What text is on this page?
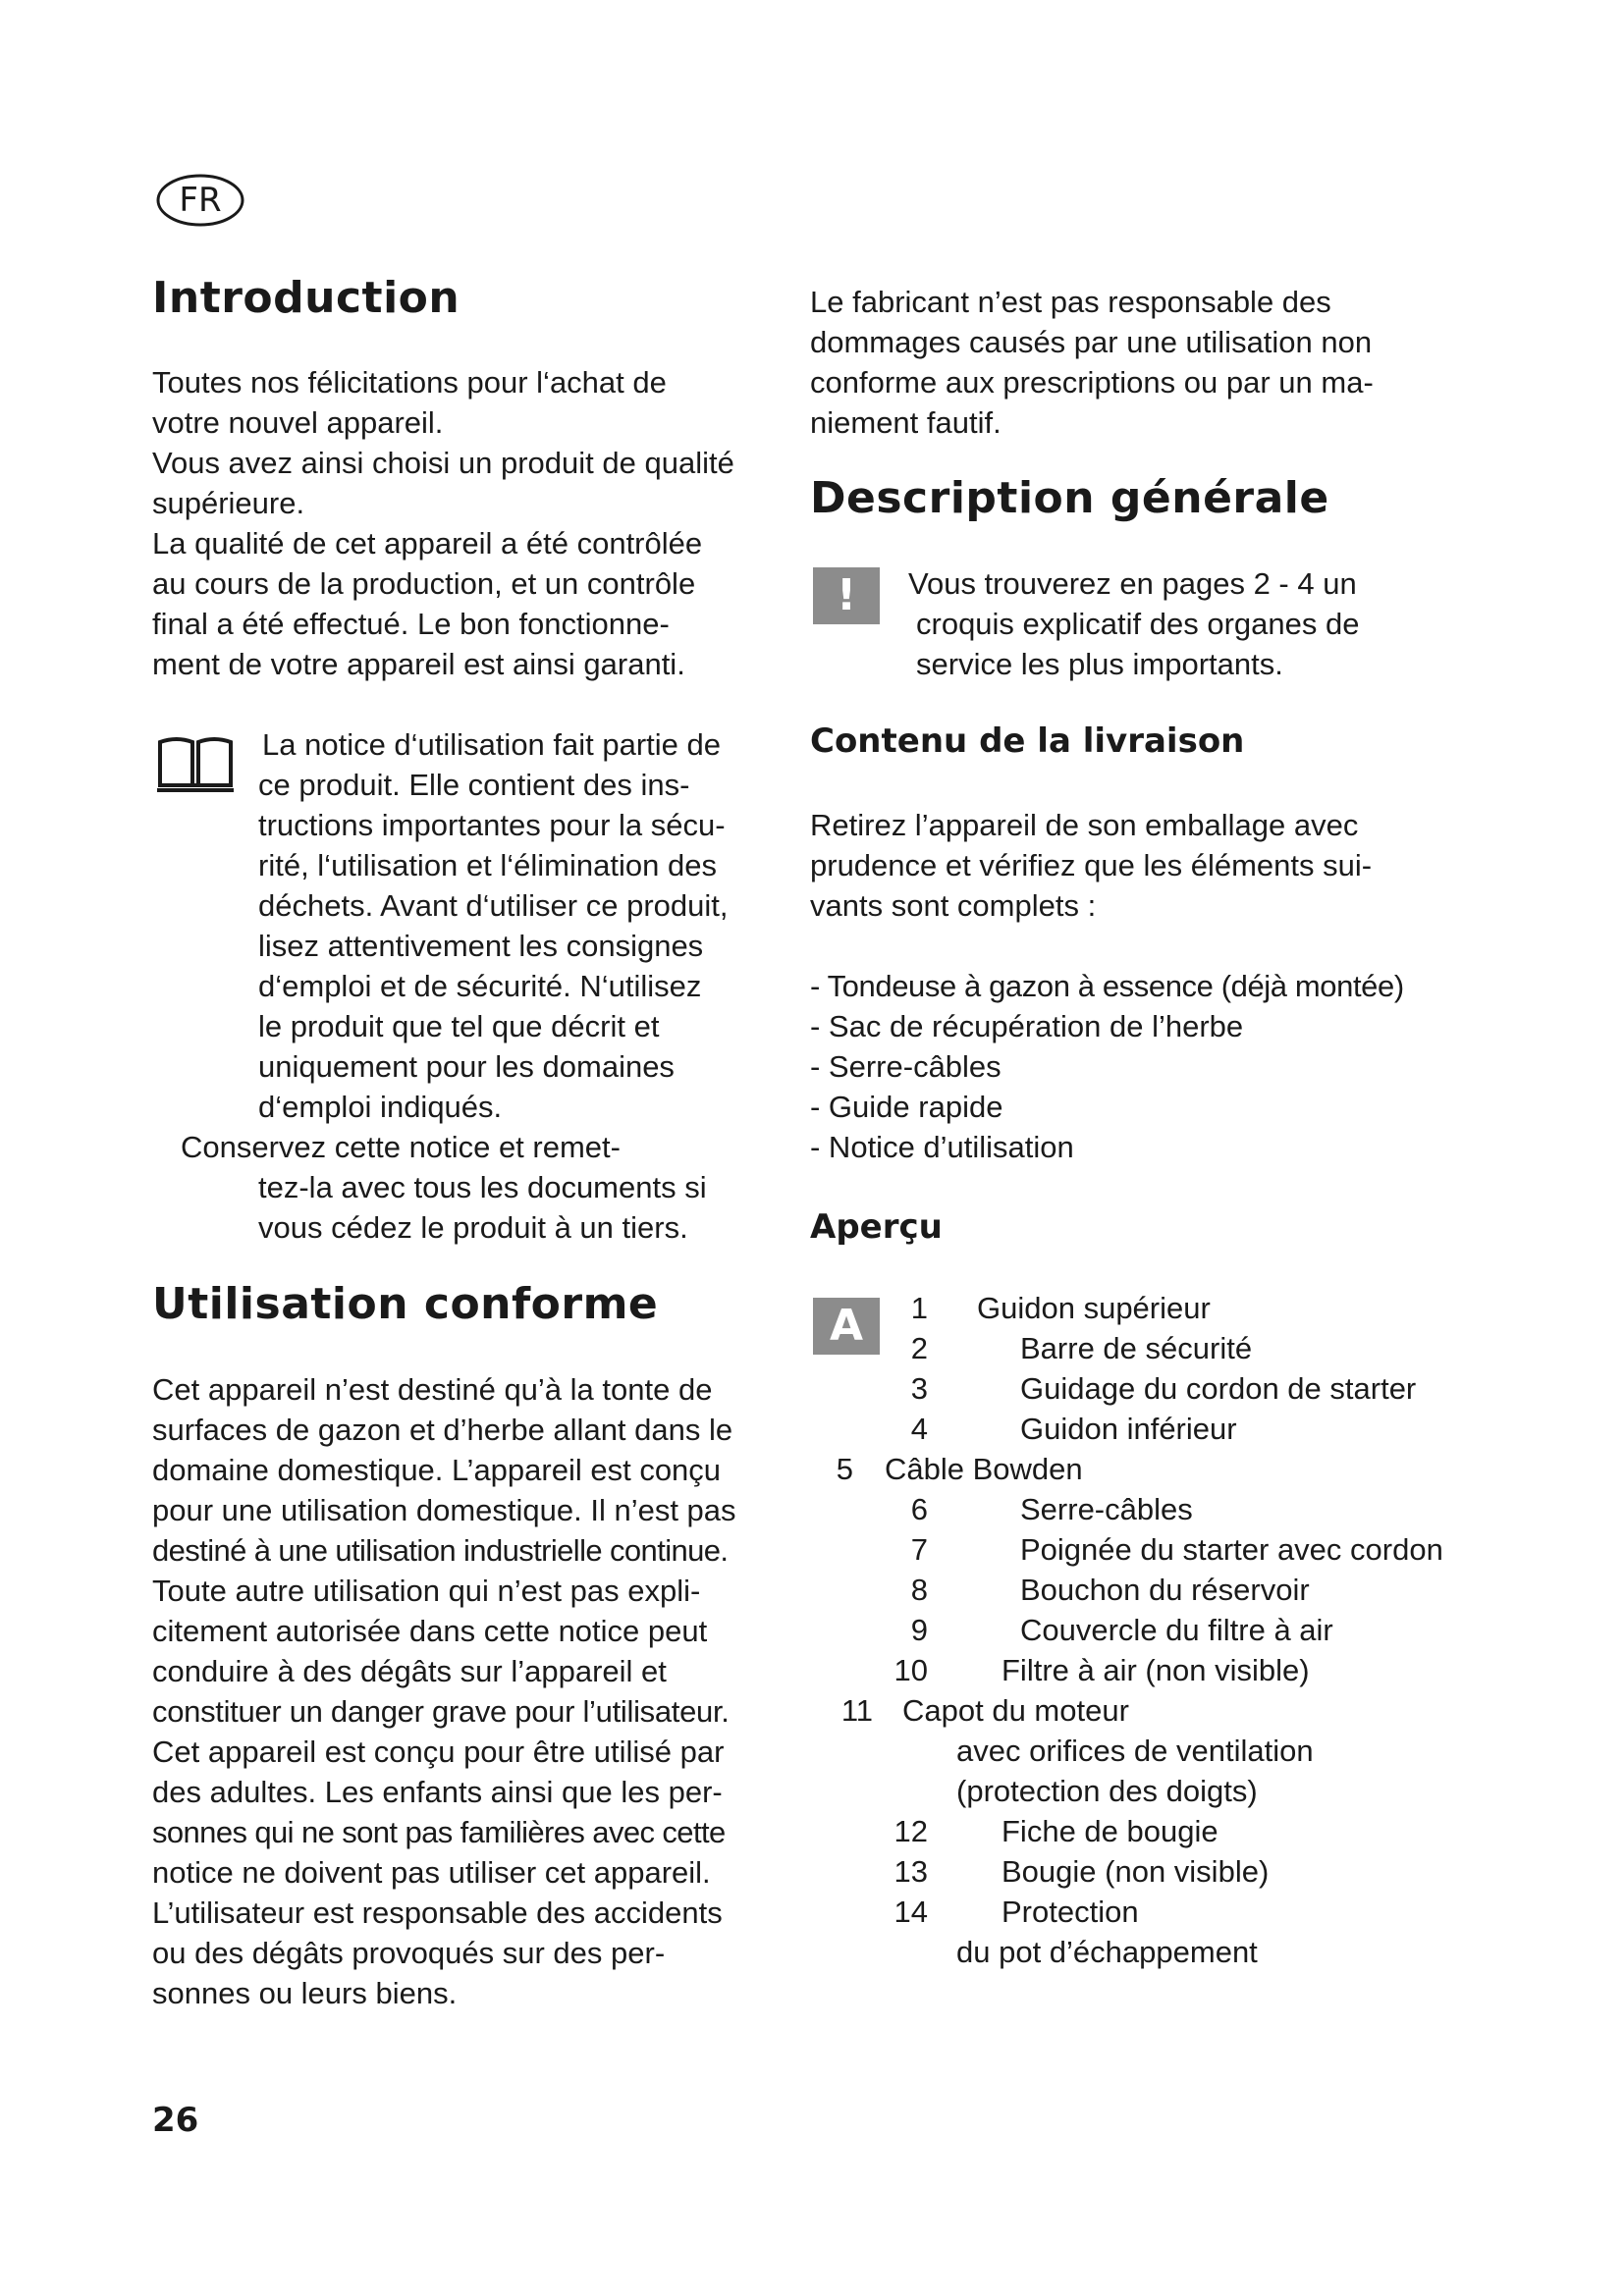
FR
Introduction

Toutes nos félicitations pour l‘achat de
votre nouvel appareil.
Vous avez ainsi choisi un produit de qualité
supérieure.
La qualité de cet appareil a été contrôlée
au cours de la production, et un contrôle
final a été effectué. Le bon fonctionne-
ment de votre appareil est ainsi garanti.

La notice d‘utilisation fait partie de
ce produit. Elle contient des ins-
tructions importantes pour la sécu-
rité, l‘utilisation et l‘élimination des
déchets. Avant d‘utiliser ce produit,
lisez attentivement les consignes
d‘emploi et de sécurité. N‘utilisez
le produit que tel que décrit et
uniquement pour les domaines
d‘emploi indiqués.

Conservez cette notice et remet-

tez-la avec tous les documents si
vous cédez le produit à un tiers.

Utilisation conforme

Cet appareil n’est destiné qu’à la tonte de
surfaces de gazon et d’herbe allant dans le
domaine domestique. L’appareil est conçu
pour une utilisation domestique. Il n’est pas
destiné à une utilisation industrielle continue.
Toute autre utilisation qui n’est pas expli-
citement autorisée dans cette notice peut
conduire à des dégâts sur l’appareil et
constituer un danger grave pour l’utilisateur.
Cet appareil est conçu pour être utilisé par
des adultes. Les enfants ainsi que les per-
sonnes qui ne sont pas familières avec cette
notice ne doivent pas utiliser cet appareil.
L’utilisateur est responsable des accidents
ou des dégâts provoqués sur des per-
sonnes ou leurs biens.

Le fabricant n’est pas responsable des
dommages causés par une utilisation non
conforme aux prescriptions ou par un ma-
niement fautif.

Description générale
!	Vous trouverez en pages 2 - 4 un

croquis explicatif des organes de
service les plus importants.

Contenu de la livraison

Retirez l’appareil de son emballage avec
prudence et vérifiez que les éléments sui-
vants sont complets :

- Tondeuse à gazon à essence (déjà montée)
- Sac de récupération de l’herbe
- Serre-câbles
- Guide rapide
- Notice d’utilisation

Aperçu
A	1 Guidon supérieur
2	Barre de sécurité
3	Guidage du cordon de starter
4	Guidon inférieur
5 Câble Bowden
6	Serre-câbles
7	Poignée du starter avec cordon
8	Bouchon du réservoir
9	Couvercle du filtre à air
10 Filtre à air (non visible)
11 Capot du moteur
avec orifices de ventilation
(protection des doigts)
12 Fiche de bougie
13 Bougie (non visible)
14 Protection
du pot d’échappement
26
